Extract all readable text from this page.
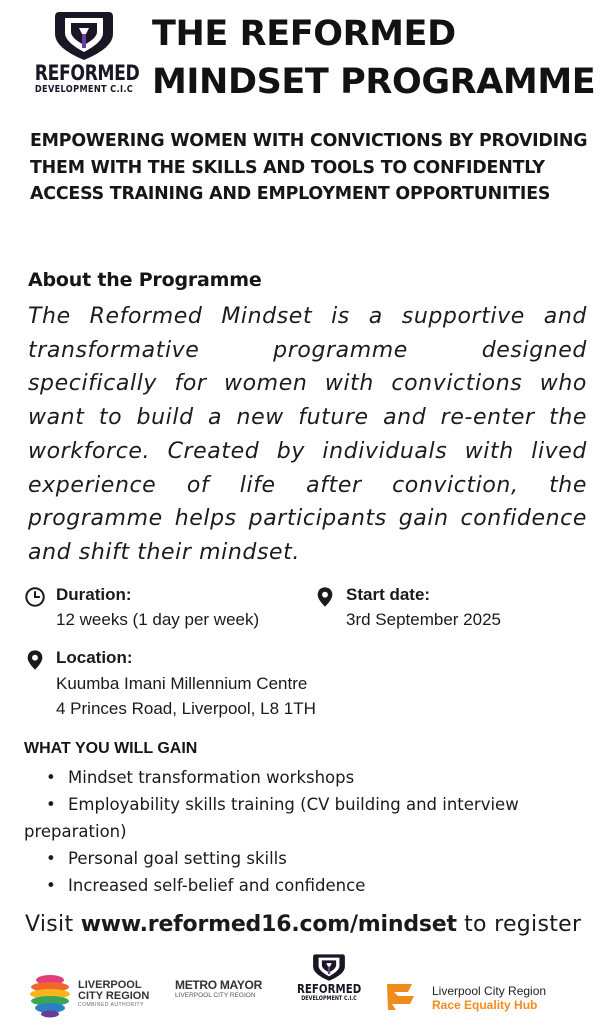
REFORMED
DEVELOPMENT C.I.C
THE REFORMED
MINDSET PROGRAMME
EMPOWERING WOMEN WITH CONVICTIONS BY PROVIDING THEM WITH THE SKILLS AND TOOLS TO CONFIDENTLY ACCESS TRAINING AND EMPLOYMENT OPPORTUNITIES
About the Programme
The Reformed Mindset is a supportive and transformative programme designed specifically for women with convictions who want to build a new future and re-enter the workforce. Created by individuals with lived experience of life after conviction, the programme helps participants gain confidence and shift their mindset.
Duration:
12 weeks (1 day per week)
Start date:
3rd September 2025
Location:
Kuumba Imani Millennium Centre
4 Princes Road, Liverpool, L8 1TH
WHAT YOU WILL GAIN
• Mindset transformation workshops
• Employability skills training (CV building and interview preparation)
• Personal goal setting skills
• Increased self-belief and confidence
Visit www.reformed16.com/mindset to register
LIVERPOOL
CITY REGION
COMBINED AUTHORITY
METRO MAYOR
LIVERPOOL CITY REGION	REFORMED
DEVELOPMENT C.I.C
Liverpool City Region
Race Equality Hub
